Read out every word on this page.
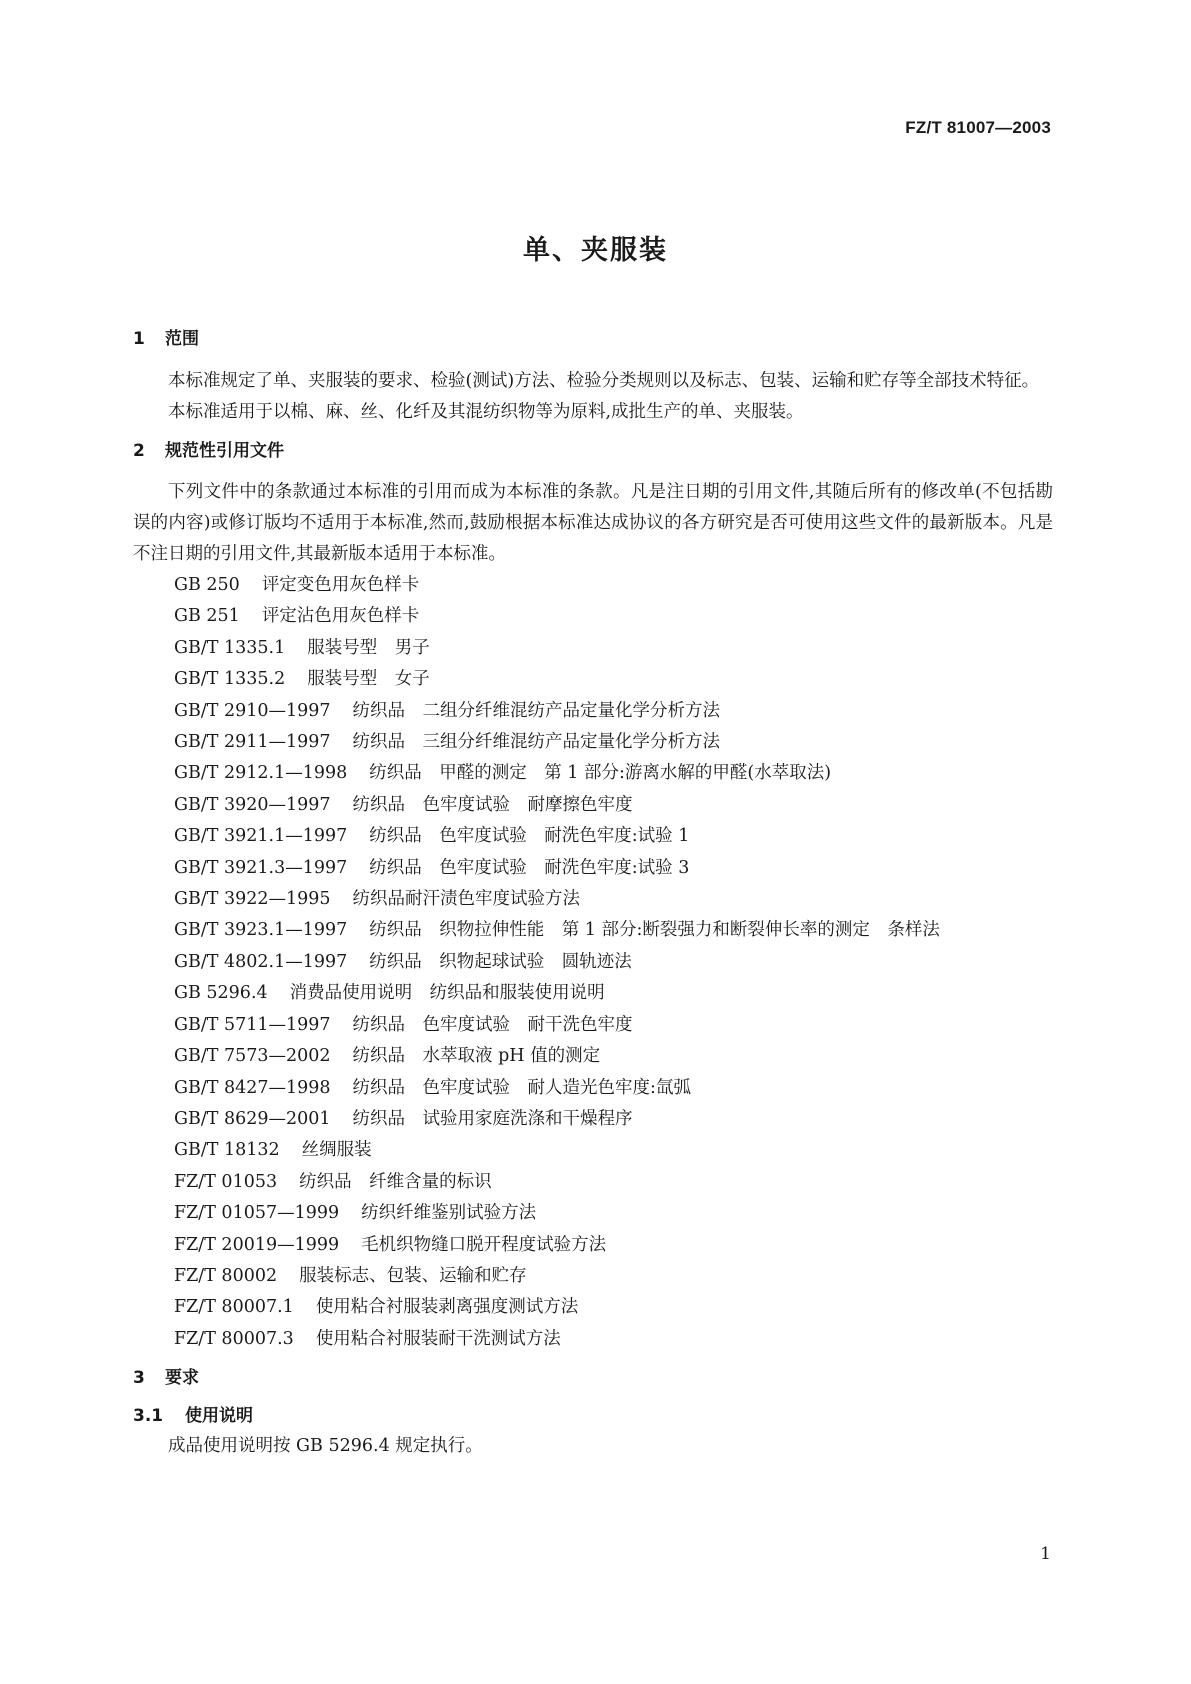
FZ/T 81007—2003
单、夹服装
1 范围
本标准规定了单、夹服装的要求、检验(测试)方法、检验分类规则以及标志、包装、运输和贮存等全部技术特征。
本标准适用于以棉、麻、丝、化纤及其混纺织物等为原料,成批生产的单、夹服装。
2 规范性引用文件
下列文件中的条款通过本标准的引用而成为本标准的条款。凡是注日期的引用文件,其随后所有的修改单(不包括勘误的内容)或修订版均不适用于本标准,然而,鼓励根据本标准达成协议的各方研究是否可使用这些文件的最新版本。凡是不注日期的引用文件,其最新版本适用于本标准。
GB 250 评定变色用灰色样卡
GB 251 评定沾色用灰色样卡
GB/T 1335.1 服装号型　男子
GB/T 1335.2 服装号型　女子
GB/T 2910—1997 纺织品　二组分纤维混纺产品定量化学分析方法
GB/T 2911—1997 纺织品　三组分纤维混纺产品定量化学分析方法
GB/T 2912.1—1998 纺织品　甲醛的测定　第 1 部分:游离水解的甲醛(水萃取法)
GB/T 3920—1997 纺织品　色牢度试验　耐摩擦色牢度
GB/T 3921.1—1997 纺织品　色牢度试验　耐洗色牢度:试验 1
GB/T 3921.3—1997 纺织品　色牢度试验　耐洗色牢度:试验 3
GB/T 3922—1995 纺织品耐汗渍色牢度试验方法
GB/T 3923.1—1997 纺织品　织物拉伸性能　第 1 部分:断裂强力和断裂伸长率的测定　条样法
GB/T 4802.1—1997 纺织品　织物起球试验　圆轨迹法
GB 5296.4 消费品使用说明　纺织品和服装使用说明
GB/T 5711—1997 纺织品　色牢度试验　耐干洗色牢度
GB/T 7573—2002 纺织品　水萃取液 pH 值的测定
GB/T 8427—1998 纺织品　色牢度试验　耐人造光色牢度:氙弧
GB/T 8629—2001 纺织品　试验用家庭洗涤和干燥程序
GB/T 18132 丝绸服装
FZ/T 01053 纺织品　纤维含量的标识
FZ/T 01057—1999 纺织纤维鉴别试验方法
FZ/T 20019—1999 毛机织物缝口脱开程度试验方法
FZ/T 80002 服装标志、包装、运输和贮存
FZ/T 80007.1 使用粘合衬服装剥离强度测试方法
FZ/T 80007.3 使用粘合衬服装耐干洗测试方法
3 要求
3.1 使用说明
成品使用说明按 GB 5296.4 规定执行。
1
